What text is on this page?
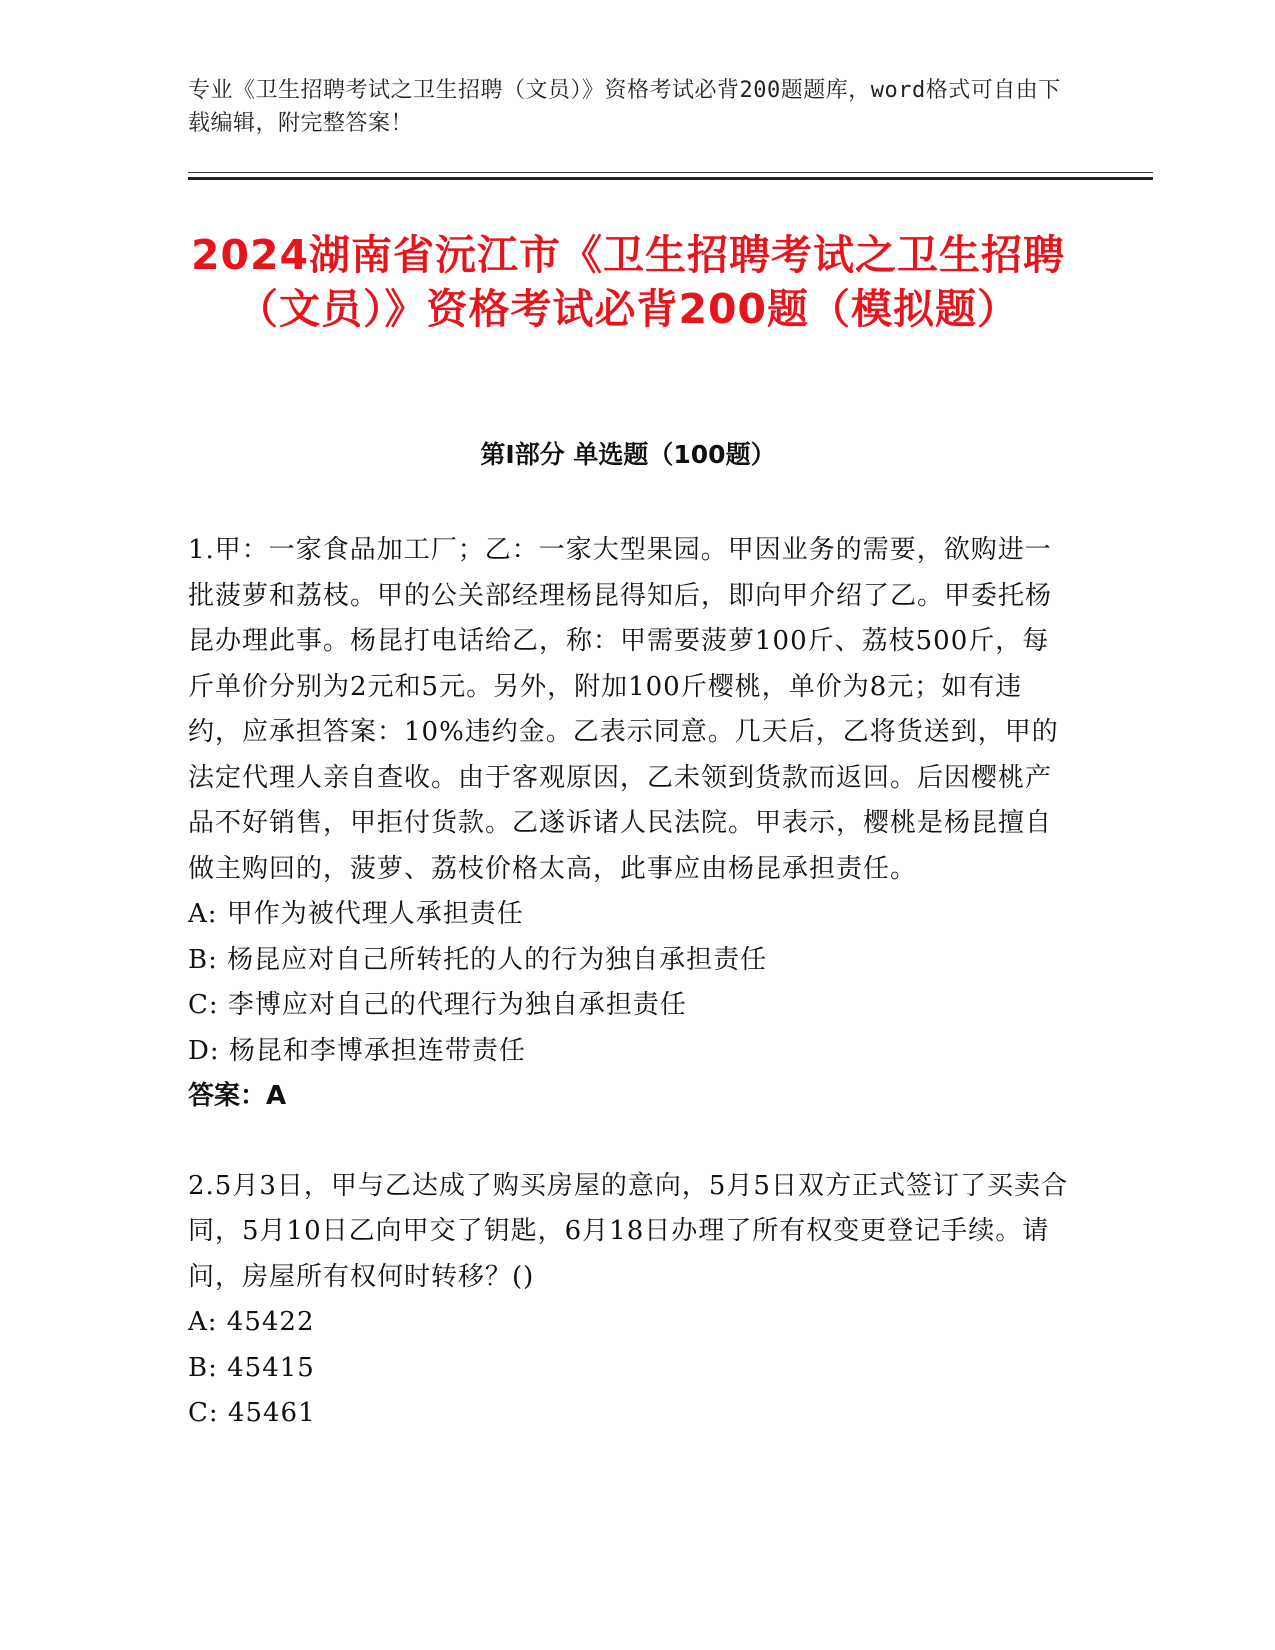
专业《卫生招聘考试之卫生招聘（文员）》资格考试必背200题题库，word格式可自由下载编辑，附完整答案！
2024湖南省沅江市《卫生招聘考试之卫生招聘（文员）》资格考试必背200题（模拟题）
第I部分 单选题（100题）

1.甲：一家食品加工厂；乙：一家大型果园。甲因业务的需要，欲购进一批菠萝和荔枝。甲的公关部经理杨昆得知后，即向甲介绍了乙。甲委托杨昆办理此事。杨昆打电话给乙，称：甲需要菠萝100斤、荔枝500斤，每斤单价分别为2元和5元。另外，附加100斤樱桃，单价为8元；如有违约，应承担答案：10%违约金。乙表示同意。几天后，乙将货送到，甲的法定代理人亲自查收。由于客观原因，乙未领到货款而返回。后因樱桃产品不好销售，甲拒付货款。乙遂诉诸人民法院。甲表示，樱桃是杨昆擅自做主购回的，菠萝、荔枝价格太高，此事应由杨昆承担责任。

A: 甲作为被代理人承担责任

B: 杨昆应对自己所转托的人的行为独自承担责任

C: 李博应对自己的代理行为独自承担责任

D: 杨昆和李博承担连带责任

答案：A

2.5月3日，甲与乙达成了购买房屋的意向，5月5日双方正式签订了买卖合同，5月10日乙向甲交了钥匙，6月18日办理了所有权变更登记手续。请问，房屋所有权何时转移？()

A: 45422

B: 45415

C: 45461
